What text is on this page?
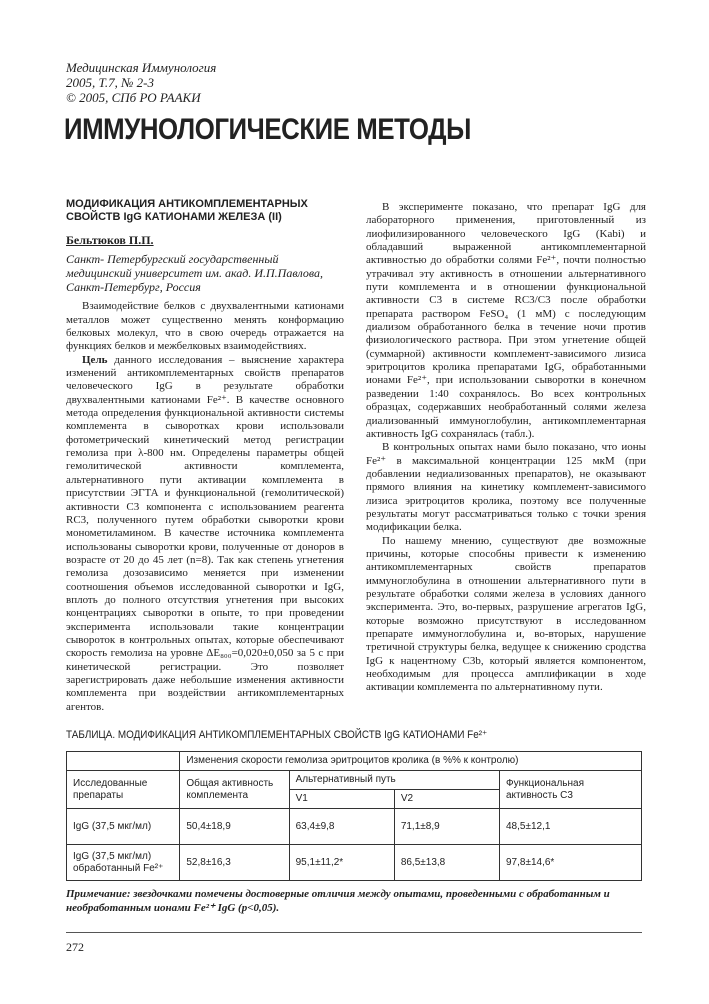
Медицинская Иммунология
2005, Т.7, № 2-3
© 2005, СПб РО РААКИ
ИММУНОЛОГИЧЕСКИЕ МЕТОДЫ
МОДИФИКАЦИЯ АНТИКОМПЛЕМЕНТАРНЫХ
СВОЙСТВ IgG КАТИОНАМИ ЖЕЛЕЗА (II)
Бельтюков П.П.
Санкт- Петербургский государственный медицинский университет им. акад. И.П.Павлова, Санкт-Петербург, Россия

Взаимодействие белков с двухвалентными катионами металлов может существенно менять конформацию белковых молекул, что в свою очередь отражается на функциях белков и межбелковых взаимодействиях.

Цель данного исследования – выяснение характера изменений антикомплементарных свойств препаратов человеческого IgG в результате обработки двухвалентными катионами Fe²⁺. В качестве основного метода определения функциональной активности системы комплемента в сыворотках крови использовали фотометрический кинетический метод регистрации гемолиза при λ-800 нм. Определены параметры общей гемолитической активности комплемента, альтернативного пути активации комплемента в присутствии ЭГТА и функциональной (гемолитической) активности С3 компонента с использованием реагента RC3, полученного путем обработки сыворотки крови монометиламином. В качестве источника комплемента использованы сыворотки крови, полученные от доноров в возрасте от 20 до 45 лет (n=8). Так как степень угнетения гемолиза дозозависимо меняется при изменении соотношения объемов исследованной сыворотки и IgG, вплоть до полного отсутствия угнетения при высоких концентрациях сыворотки в опыте, то при проведении эксперимента использовали такие концентрации сывороток в контрольных опытах, которые обеспечивают скорость гемолиза на уровне ΔE₈₀₀=0,020±0,050 за 5 с при кинетической регистрации. Это позволяет зарегистрировать даже небольшие изменения активности комплемента при воздействии антикомплементарных агентов.

В эксперименте показано, что препарат IgG для лабораторного применения, приготовленный из лиофилизированного человеческого IgG (Kabi) и обладавший выраженной антикомплементарной активностью до обработки солями Fe²⁺, почти полностью утрачивал эту активность в отношении альтернативного пути комплемента и в отношении функциональной активности С3 в системе RC3/C3 после обработки препарата раствором FeSO₄ (1 мМ) с последующим диализом обработанного белка в течение ночи против физиологического раствора. При этом угнетение общей (суммарной) активности комплемент-зависимого лизиса эритроцитов кролика препаратами IgG, обработанными ионами Fe²⁺, при использовании сыворотки в конечном разведении 1:40 сохранялось. Во всех контрольных образцах, содержавших необработанный солями железа диализованный иммуноглобулин, антикомплементарная активность IgG сохранялась (табл.).

В контрольных опытах нами было показано, что ионы Fe²⁺ в максимальной концентрации 125 мкМ (при добавлении недиализованных препаратов), не оказывают прямого влияния на кинетику комплемент-зависимого лизиса эритроцитов кролика, поэтому все полученные результаты могут рассматриваться только с точки зрения модификации белка.

По нашему мнению, существуют две возможные причины, которые способны привести к изменению антикомплементарных свойств препаратов иммуноглобулина в отношении альтернативного пути в результате обработки солями железа в условиях данного эксперимента. Это, во-первых, разрушение агрегатов IgG, которые возможно присутствуют в исследованном препарате иммуноглобулина и, во-вторых, нарушение третичной структуры белка, ведущее к снижению сродства IgG к нацентному C3b, который является компонентом, необходимым для процесса амплификации в ходе активации комплемента по альтернативному пути.

ТАБЛИЦА. МОДИФИКАЦИЯ АНТИКОМПЛЕМЕНТАРНЫХ СВОЙСТВ IgG КАТИОНАМИ Fe²⁺
	Изменения скорости гемолиза эритроцитов кролика (в %% к контролю)			
Исследованные препараты	Общая активность комплемента	Альтернативный путь		Функциональная активность С3
		V1	V2	
IgG (37,5 мкг/мл)	50,4±18,9	63,4±9,8	71,1±8,9	48,5±12,1
IgG (37,5 мкг/мл) обработанный Fe²⁺	52,8±16,3	95,1±11,2*	86,5±13,8	97,8±14,6*
Примечание: звездочками помечены достоверные отличия между опытами, проведенными с обработанным и необработанным ионами Fe²⁺ IgG (p<0,05).
272
